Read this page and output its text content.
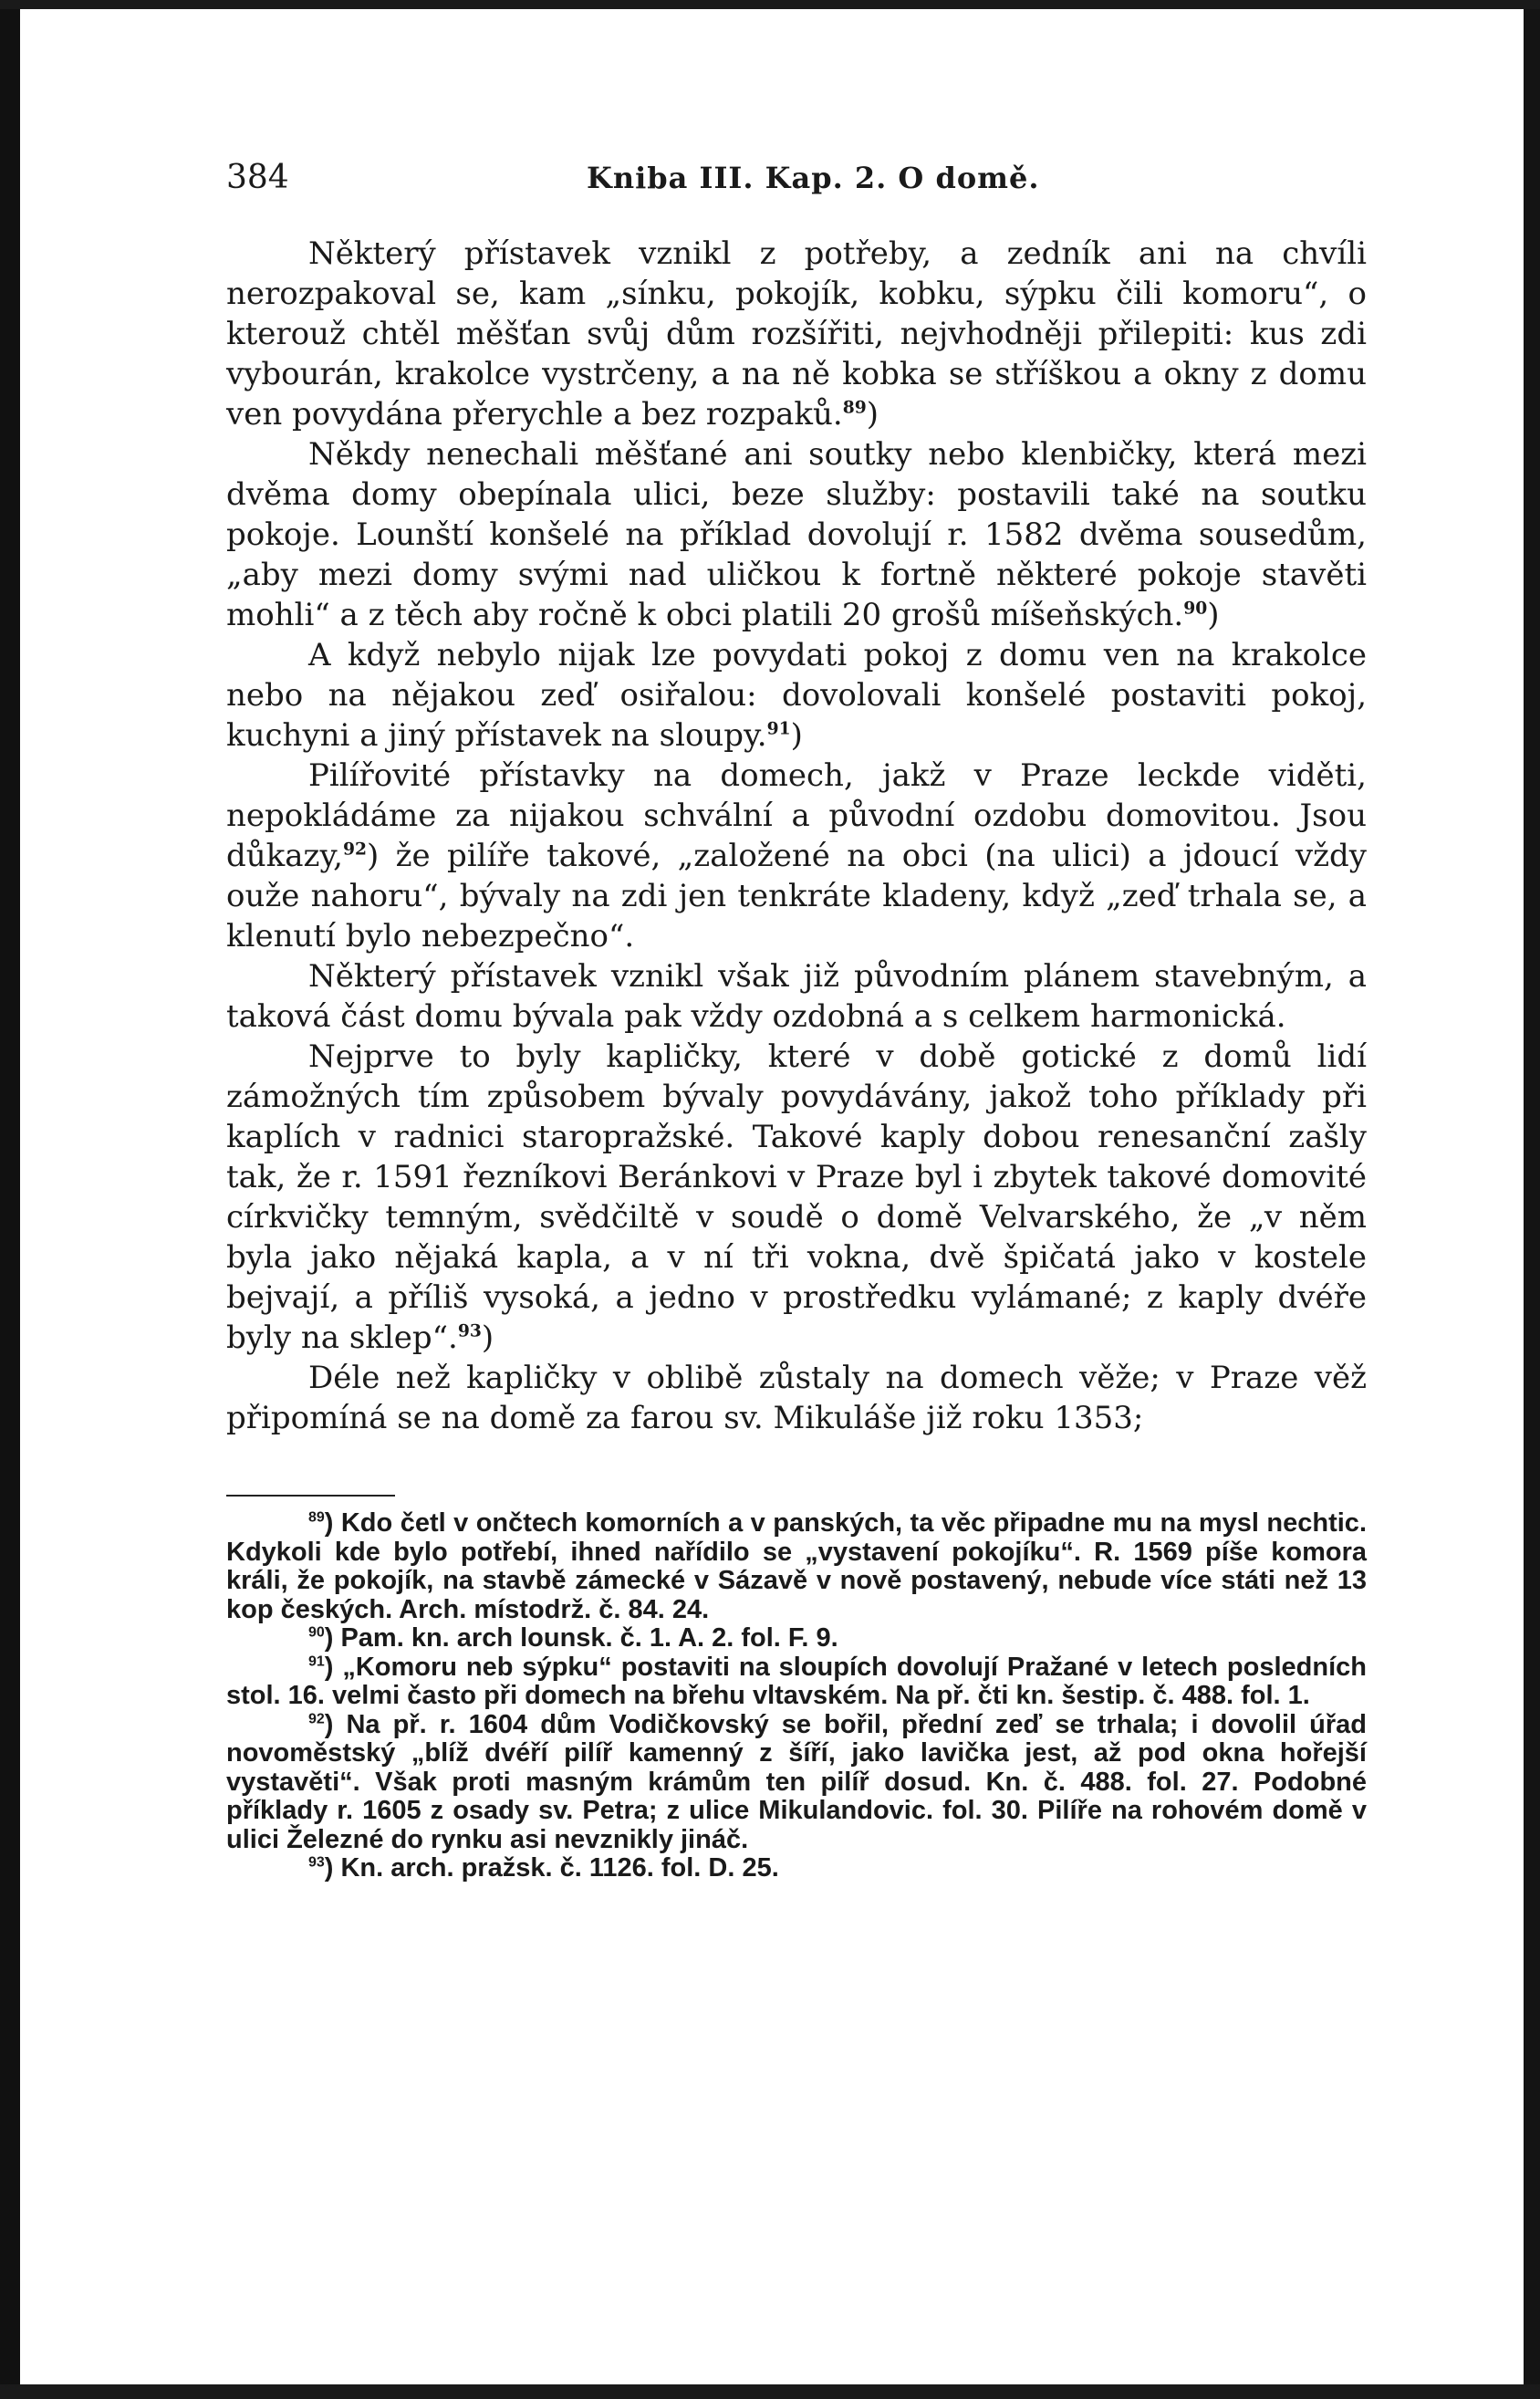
384	Kniba III. Kap. 2. O domě.

Některý přístavek vznikl z potřeby, a zedník ani na chvíli nerozpakoval se, kam „sínku, pokojík, kobku, sýpku čili komoru“, o kterouž chtěl měšťan svůj dům rozšířiti, nejvhodněji přilepiti: kus zdi vybourán, krakolce vystrčeny, a na ně kobka se stříškou a okny z domu ven povydána přerychle a bez rozpaků.$^{89}$)

Někdy nenechali měšťané ani soutky nebo klenbičky, která mezi dvěma domy obepínala ulici, beze služby: postavili také na soutku pokoje. Lounští konšelé na příklad dovolují r. 1582 dvěma sousedům, „aby mezi domy svými nad uličkou k fortně některé pokoje stavěti mohli“ a z těch aby ročně k obci platili 20 grošů míšeňských.$^{90}$)

A když nebylo nijak lze povydati pokoj z domu ven na krakolce nebo na nějakou zeď osiřalou: dovolovali konšelé postaviti pokoj, kuchyni a jiný přístavek na sloupy.$^{91}$)

Pilířovité přístavky na domech, jakž v Praze leckde viděti, nepokládáme za nijakou schvální a původní ozdobu domovitou. Jsou důkazy,$^{92}$) že pilíře takové, „založené na obci (na ulici) a jdoucí vždy ouže nahoru“, bývaly na zdi jen tenkráte kladeny, když „zeď trhala se, a klenutí bylo nebezpečno“.

Některý přístavek vznikl však již původním plánem stavebným, a taková část domu bývala pak vždy ozdobná a s celkem harmonická.

Nejprve to byly kapličky, které v době gotické z domů lidí zámožných tím způsobem bývaly povydávány, jakož toho příklady při kaplích v radnici staropražské. Takové kaply dobou renesanční zašly tak, že r. 1591 řezníkovi Beránkovi v Praze byl i zbytek takové domovité církvičky temným, svědčiltě v soudě o domě Velvarského, že „v něm byla jako nějaká kapla, a v ní tři vokna, dvě špičatá jako v kostele bejvají, a příliš vysoká, a jedno v prostředku vylámané; z kaply dvéře byly na sklep“.$^{93}$)

Déle než kapličky v oblibě zůstaly na domech věže; v Praze věž připomíná se na domě za farou sv. Mikuláše již roku 1353;

$^{89}$) Kdo četl v ončtech komorních a v panských, ta věc připadne mu na mysl nechtic. Kdykoli kde bylo potřebí, ihned nařídilo se „vystavení pokojíku“. R. 1569 píše komora králi, že pokojík, na stavbě zámecké v Sázavě v nově postavený, nebude více státi než 13 kop českých. Arch. místodrž. č. 84. 24.

$^{90}$) Pam. kn. arch lounsk. č. 1. A. 2. fol. F. 9.

$^{91}$) „Komoru neb sýpku“ postaviti na sloupích dovolují Pražané v letech posledních stol. 16. velmi často při domech na břehu vltavském. Na př. čti kn. šestip. č. 488. fol. 1.

$^{92}$) Na př. r. 1604 dům Vodičkovský se bořil, přední zeď se trhala; i dovolil úřad novoměstský „blíž dvéří pilíř kamenný z šíří, jako lavička jest, až pod okna hořejší vystavěti“. Však proti masným krámům ten pilíř dosud. Kn. č. 488. fol. 27. Podobné příklady r. 1605 z osady sv. Petra; z ulice Mikulandovic. fol. 30. Pilíře na rohovém domě v ulici Železné do rynku asi nevznikly jináč.

$^{93}$) Kn. arch. pražsk. č. 1126. fol. D. 25.
